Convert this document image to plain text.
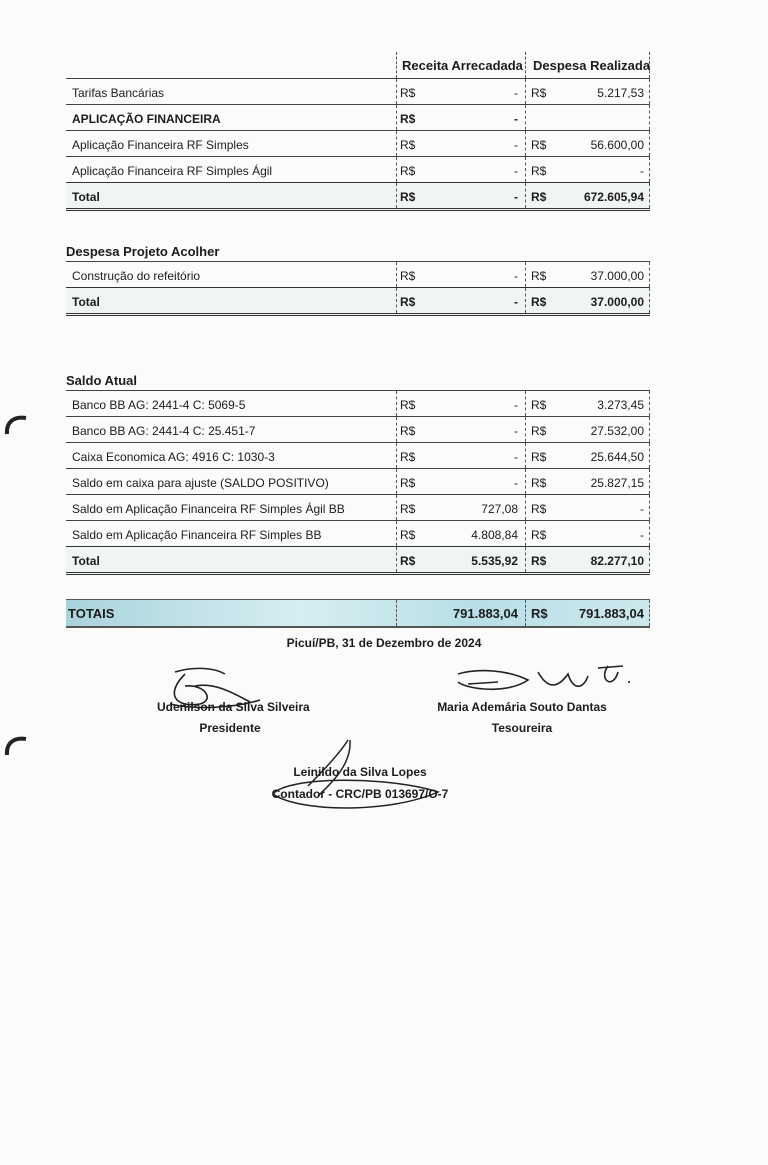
Receita Arrecadada Despesa Realizada
Tarifas Bancárias	R$	- R$	5.217,53
APLICAÇÃO FINANCEIRA	R$	-
Aplicação Financeira RF Simples	R$	- R$	56.600,00
Aplicação Financeira RF Simples Ágil	R$	- R$	-
Total	R$	- R$	672.605,94
Despesa Projeto Acolher
Construção do refeitório	R$	- R$	37.000,00
Total	R$	- R$	37.000,00
Saldo Atual
Banco BB AG: 2441-4 C: 5069-5	R$	- R$	3.273,45
Banco BB AG: 2441-4 C: 25.451-7	R$	- R$	27.532,00
Caixa Economica AG: 4916 C: 1030-3	R$	- R$	25.644,50
Saldo em caixa para ajuste (SALDO POSITIVO)	R$	- R$	25.827,15
Saldo em Aplicação Financeira RF Simples Ágil BB	R$	727,08 R$	-
Saldo em Aplicação Financeira RF Simples BB	R$	4.808,84 R$	-
Total	R$	5.535,92 R$	82.277,10
TOTAIS	791.883,04 R$ 791.883,04
Picuí/PB, 31 de Dezembro de 2024
Udenilson da Silva Silveira
Presidente
Maria Ademária Souto Dantas
Tesoureira
Leinildo da Silva Lopes
Contador - CRC/PB 013697/O-7
